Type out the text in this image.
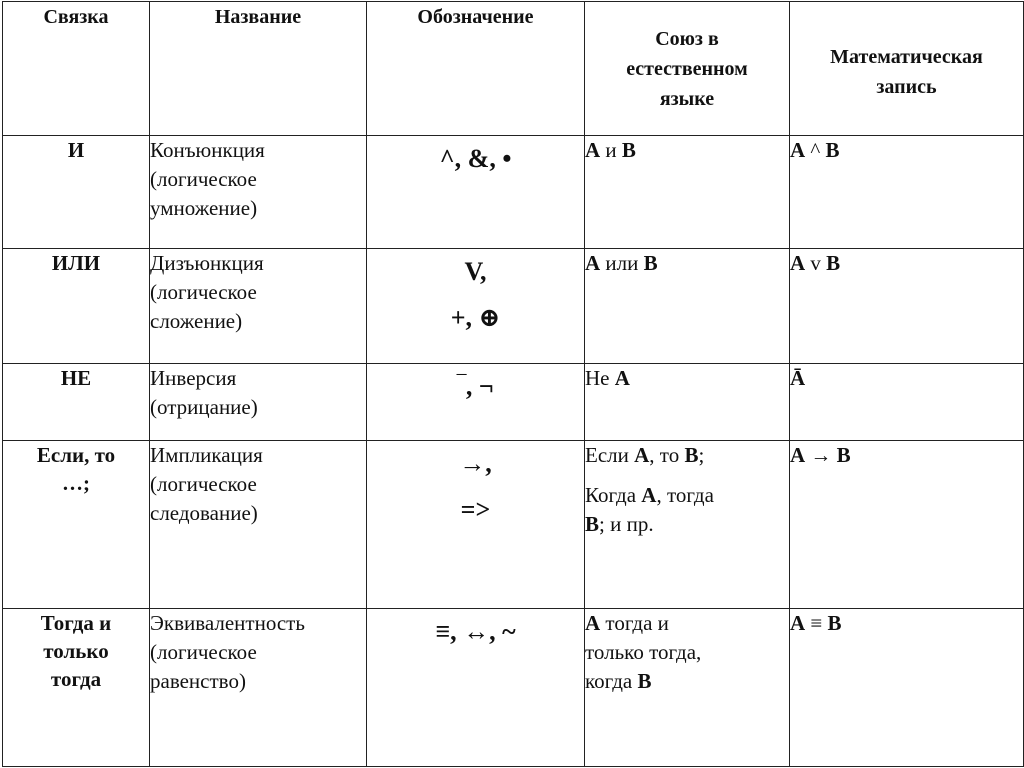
Связка	Название	Обозначение	Союз в
естественном
языке	Математическая
запись

И	Конъюнкция
(логическое
умножение)	^, &, •	А и В	А ^ В

ИЛИ	Дизъюнкция
(логическое
сложение)	V,
+, ⊕	А или В	А v В

НЕ	Инверсия
(отрицание)	‾, ¬	Не А	Ā

Если, то
…;	Импликация
(логическое
следование)	→,
=>	Если А, то В;
Когда А, тогда
В; и пр.	А → В

Тогда и
только
тогда	Эквивалентность
(логическое
равенство)	≡, ↔, ~	А тогда и
только тогда,
когда В	А ≡ В
